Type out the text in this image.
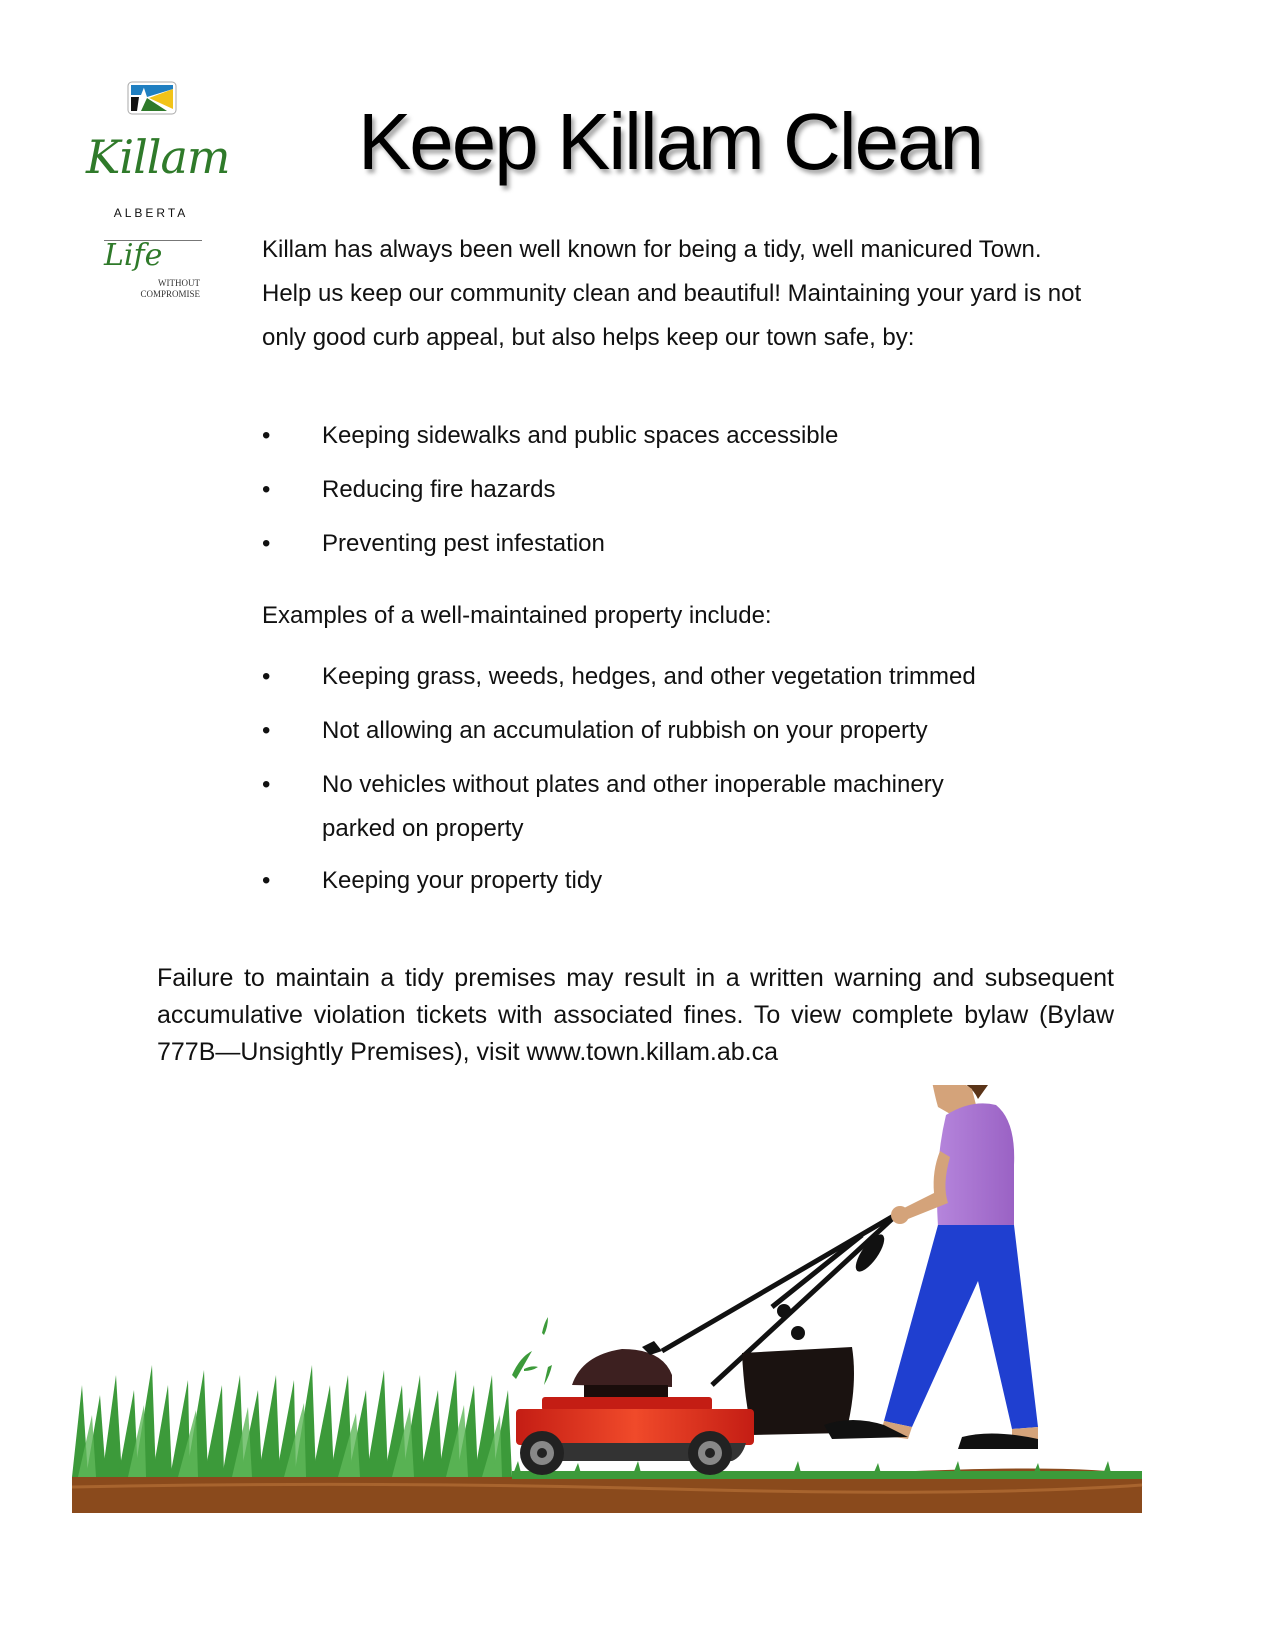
Killam
ALBERTA
Life
WITHOUT
COMPROMISE
Keep Killam Clean
Killam has always been well known for being a tidy, well manicured Town. Help us keep our community clean and beautiful! Maintaining your yard is not only good curb appeal, but also helps keep our town safe, by:
• Keeping sidewalks and public spaces accessible
• Reducing fire hazards
• Preventing pest infestation
Examples of a well-maintained property include:
• Keeping grass, weeds, hedges, and other vegetation trimmed
• Not allowing an accumulation of rubbish on your property
• No vehicles without plates and other inoperable machinery parked on property
• Keeping your property tidy
Failure to maintain a tidy premises may result in a written warning and subsequent accumulative violation tickets with associated fines. To view complete bylaw (Bylaw 777B—Unsightly Premises), visit www.town.killam.ab.ca
